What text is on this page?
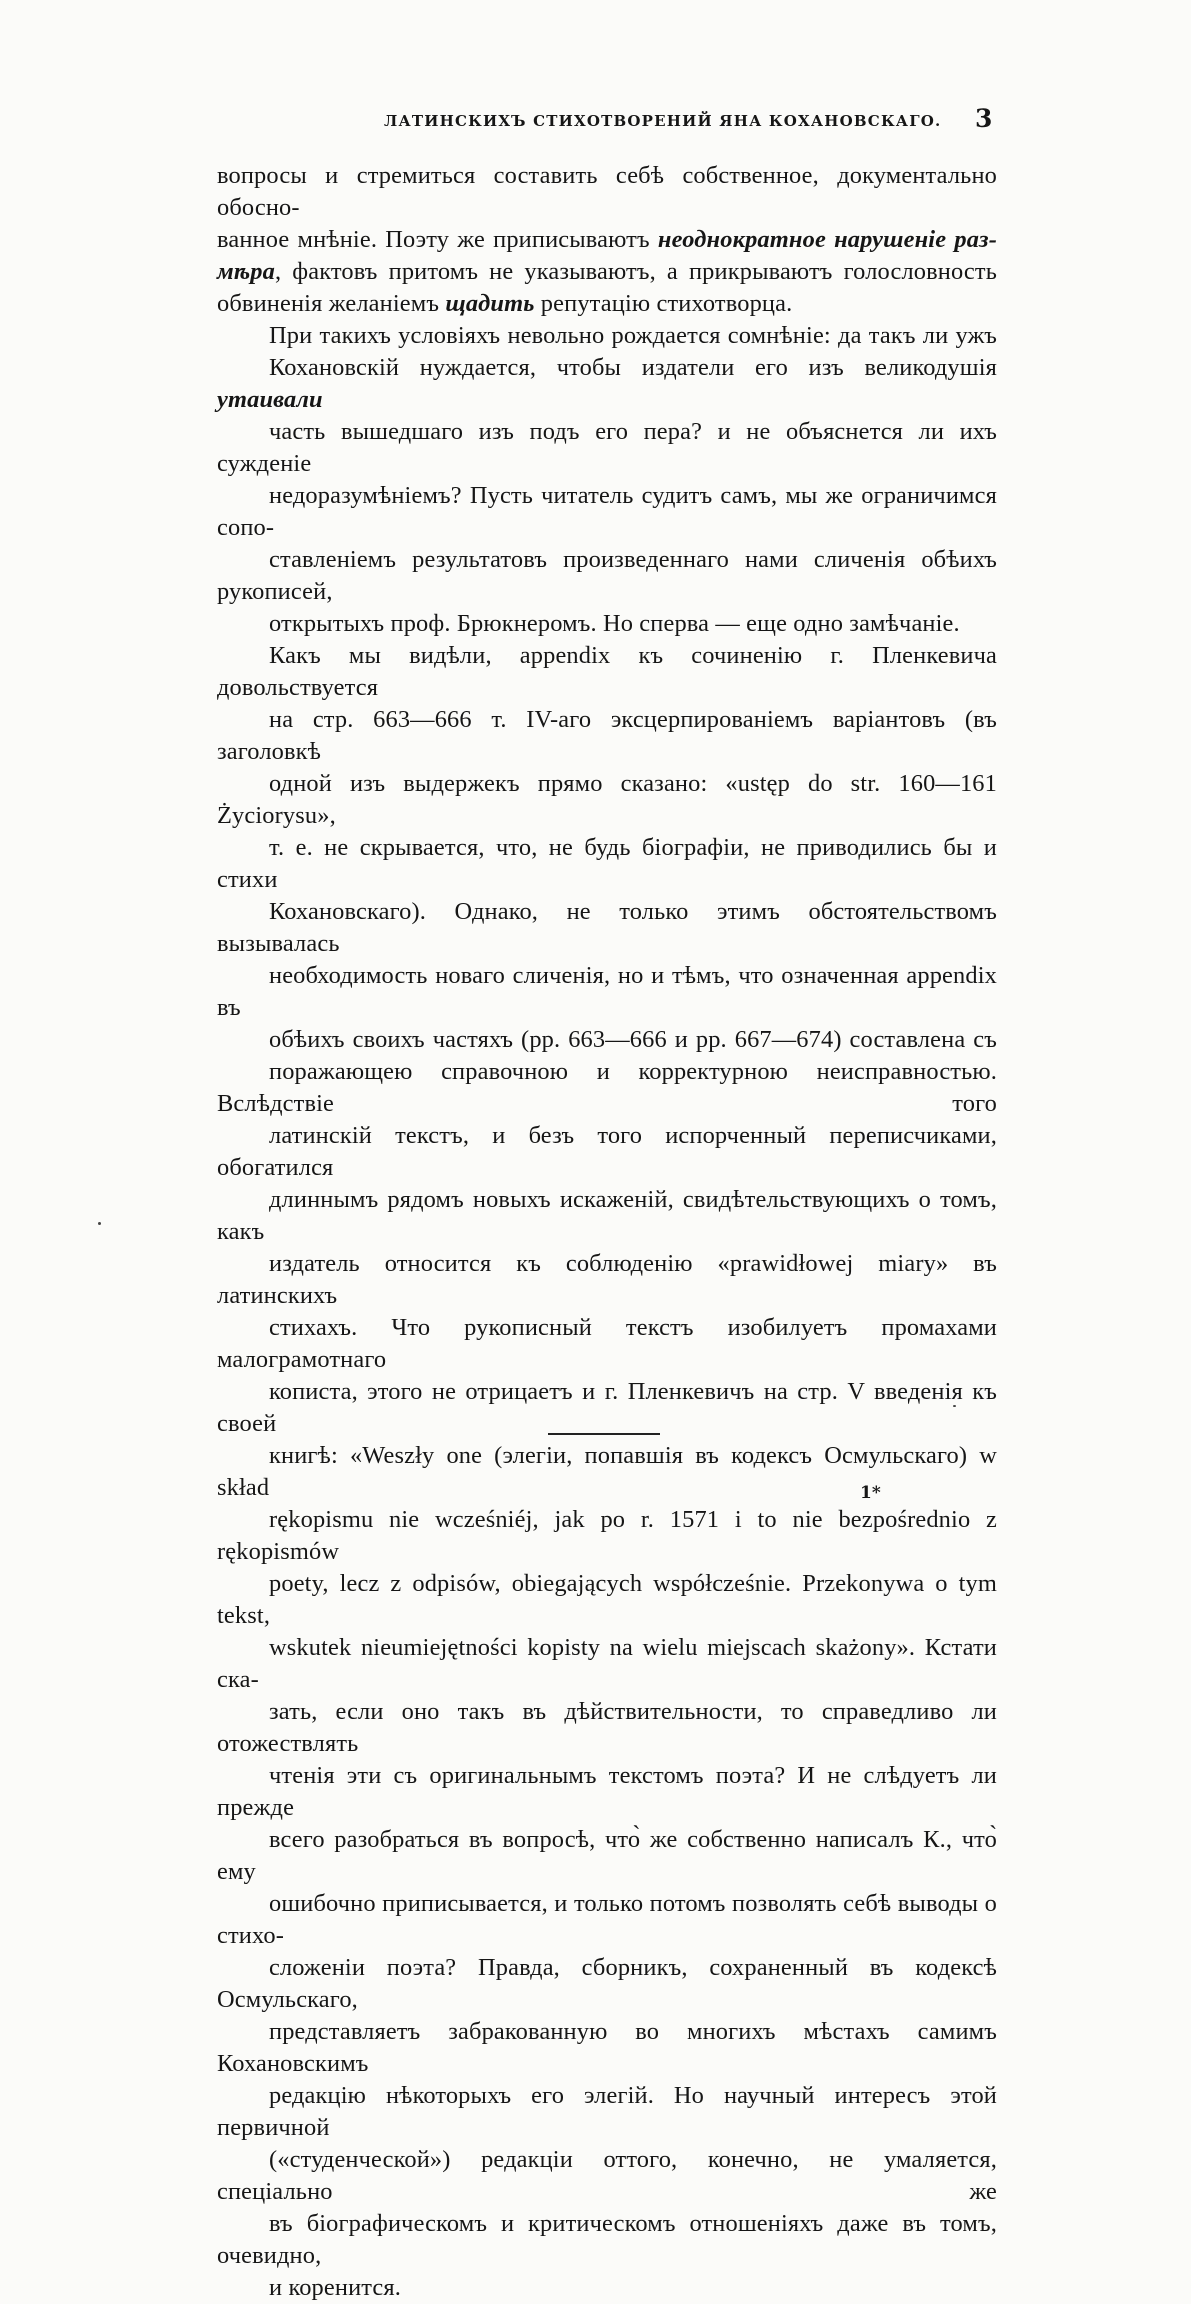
ЛАТИНСКИХЪ СТИХОТВОРЕНИЙ ЯНА КОХАНОВСКАГО. 3
вопросы и стремиться составить себѣ собственное, документально обосно-
ванное мнѣніе. Поэту же приписываютъ неоднократное нарушеніе раз-
мѣра, фактовъ притомъ не указываютъ, а прикрываютъ голословность
обвиненія желаніемъ щадить репутацію стихотворца.
При такихъ условіяхъ невольно рождается сомнѣніе: да такъ ли ужъ
Кохановскій нуждается, чтобы издатели его изъ великодушія утаивали
часть вышедшаго изъ подъ его пера? и не объяснется ли ихъ сужденіе
недоразумѣніемъ? Пусть читатель судитъ самъ, мы же ограничимся сопо-
ставленіемъ результатовъ произведеннаго нами сличенія обѣихъ рукописей,
открытыхъ проф. Брюкнеромъ. Но сперва — еще одно замѣчаніе.
Какъ мы видѣли, appendix къ сочиненію г. Пленкевича довольствуется
на стр. 663—666 т. IV-аго эксцерпированіемъ варіантовъ (въ заголовкѣ
одной изъ выдержекъ прямо сказано: «ustęp do str. 160—161 Życiorysu»,
т. е. не скрывается, что, не будь біографіи, не приводились бы и стихи
Кохановскаго). Однако, не только этимъ обстоятельствомъ вызывалась
необходимость новаго сличенія, но и тѣмъ, что означенная appendix въ
обѣихъ своихъ частяхъ (pp. 663—666 и pp. 667—674) составлена съ
поражающею справочною и корректурною неисправностью. Вслѣдствіе того
латинскій текстъ, и безъ того испорченный переписчиками, обогатился
длиннымъ рядомъ новыхъ искаженій, свидѣтельствующихъ о томъ, какъ
издатель относится къ соблюденію «prawidłowej miary» въ латинскихъ
стихахъ. Что рукописный текстъ изобилуетъ промахами малограмотнаго
кописта, этого не отрицаетъ и г. Пленкевичъ на стр. V введенія къ своей
книгѣ: «Weszły one (элегіи, попавшія въ кодексъ Осмульскаго) w skład
rękopismu nie wcześniéj, jak po r. 1571 i to nie bezpośrednio z rękopismów
poety, lecz z odpisów, obiegających współcześnie. Przekonywa o tym tekst,
wskutek nieumiejętności kopisty na wielu miejscach skażony». Кстати ска-
зать, если оно такъ въ дѣйствительности, то справедливо ли отожествлять
чтенія эти съ оригинальнымъ текстомъ поэта? И не слѣдуетъ ли прежде
всего разобраться въ вопросѣ, что̀ же собственно написалъ К., что̀ ему
ошибочно приписывается, и только потомъ позволять себѣ выводы о стихо-
сложеніи поэта? Правда, сборникъ, сохраненный въ кодексѣ Осмульскаго,
представляетъ забракованную во многихъ мѣстахъ самимъ Кохановскимъ
редакцію нѣкоторыхъ его элегій. Но научный интересъ этой первичной
(«студенческой») редакціи оттого, конечно, не умаляется, спеціально же
въ біографическомъ и критическомъ отношеніяхъ даже въ томъ, очевидно,
и коренится.
1*
